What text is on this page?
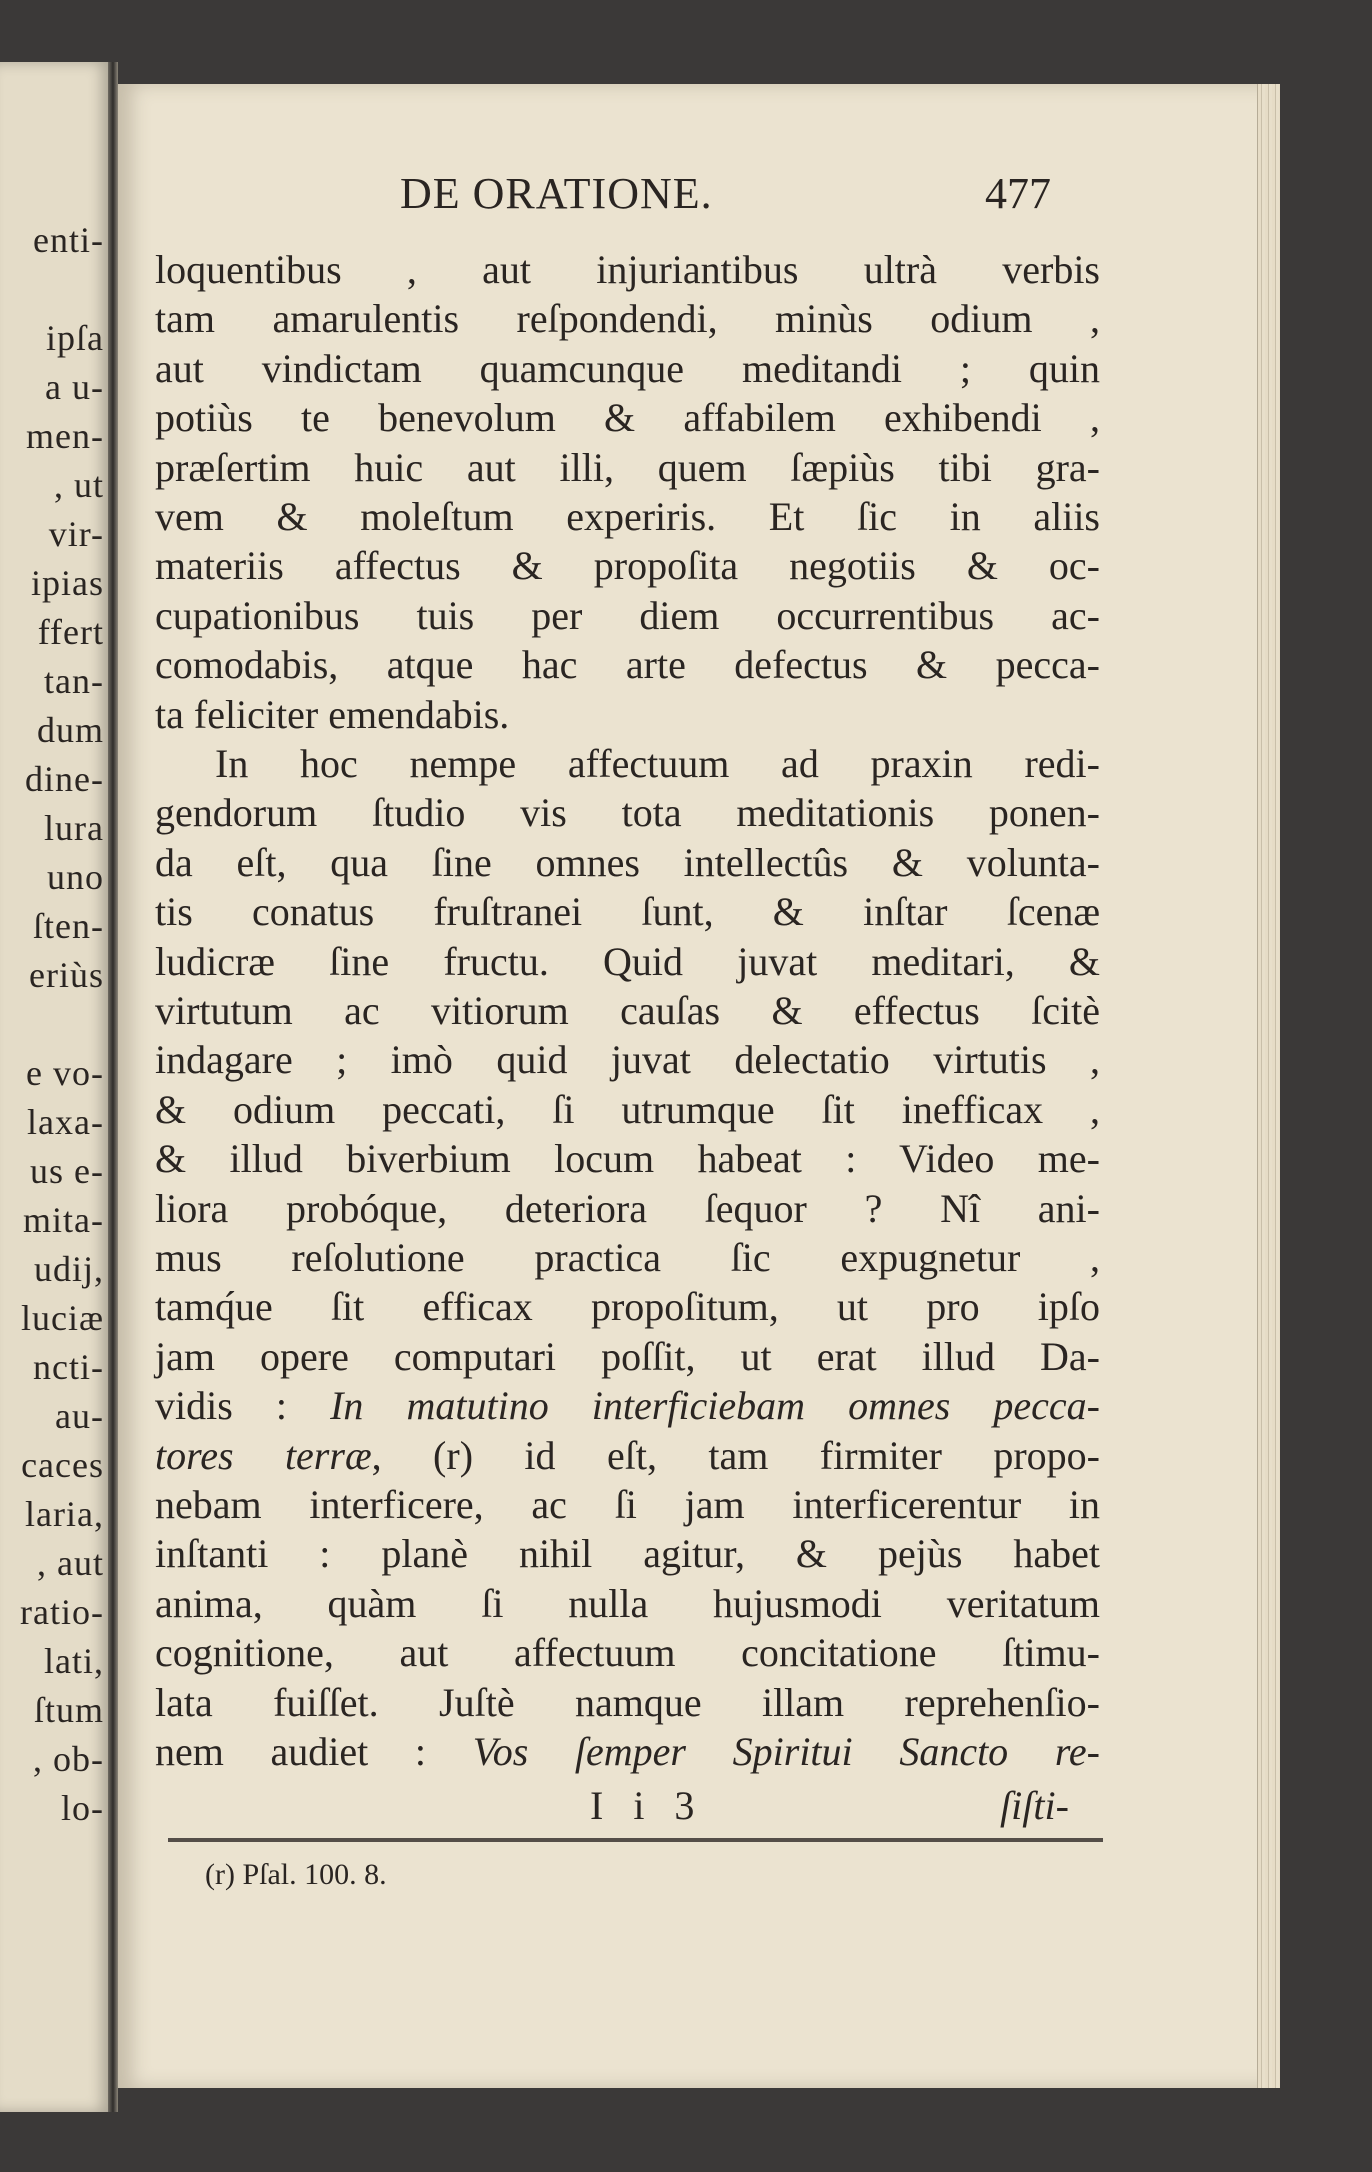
enti-
ipſa
a u-
men-
, ut
vir-
ipias
ffert
tan-
dum
dine-
lura
uno
ſten-
eriùs
e vo-
laxa-
us e-
mita-
udij,
luciæ
ncti-
au-
caces
laria,
, aut
ratio-
lati,
ſtum
, ob-
lo-
DE ORATIONE.	477
loquentibus , aut injuriantibus ultrà verbis
tam amarulentis reſpondendi, minùs odium ,
aut vindictam quamcunque meditandi ; quin
potiùs te benevolum & affabilem exhibendi ,
præſertim huic aut illi, quem ſæpiùs tibi gra-
vem & moleſtum experiris. Et ſic in aliis
materiis affectus & propoſita negotiis & oc-
cupationibus tuis per diem occurrentibus ac-
comodabis, atque hac arte defectus & pecca-
ta feliciter emendabis.
In hoc nempe affectuum ad praxin redi-
gendorum ſtudio vis tota meditationis ponen-
da eſt, qua ſine omnes intellectûs & volunta-
tis conatus fruſtranei ſunt, & inſtar ſcenæ
ludicræ ſine fructu. Quid juvat meditari, &
virtutum ac vitiorum cauſas & effectus ſcitè
indagare ; imò quid juvat delectatio virtutis ,
& odium peccati, ſi utrumque ſit inefficax ,
& illud biverbium locum habeat : Video me-
liora probóque, deteriora ſequor ? Nî ani-
mus reſolutione practica ſic expugnetur ,
tamq́ue ſit efficax propoſitum, ut pro ipſo
jam opere computari poſſit, ut erat illud Da-
vidis : In matutino interficiebam omnes pecca-
tores terræ, (r) id eſt, tam firmiter propo-
nebam interficere, ac ſi jam interficerentur in
inſtanti : planè nihil agitur, & pejùs habet
anima, quàm ſi nulla hujusmodi veritatum
cognitione, aut affectuum concitatione ſtimu-
lata fuiſſet. Juſtè namque illam reprehenſio-
nem audiet : Vos ſemper Spiritui Sancto re-
I i 3	ſiſti-
(r) Pſal. 100. 8.
